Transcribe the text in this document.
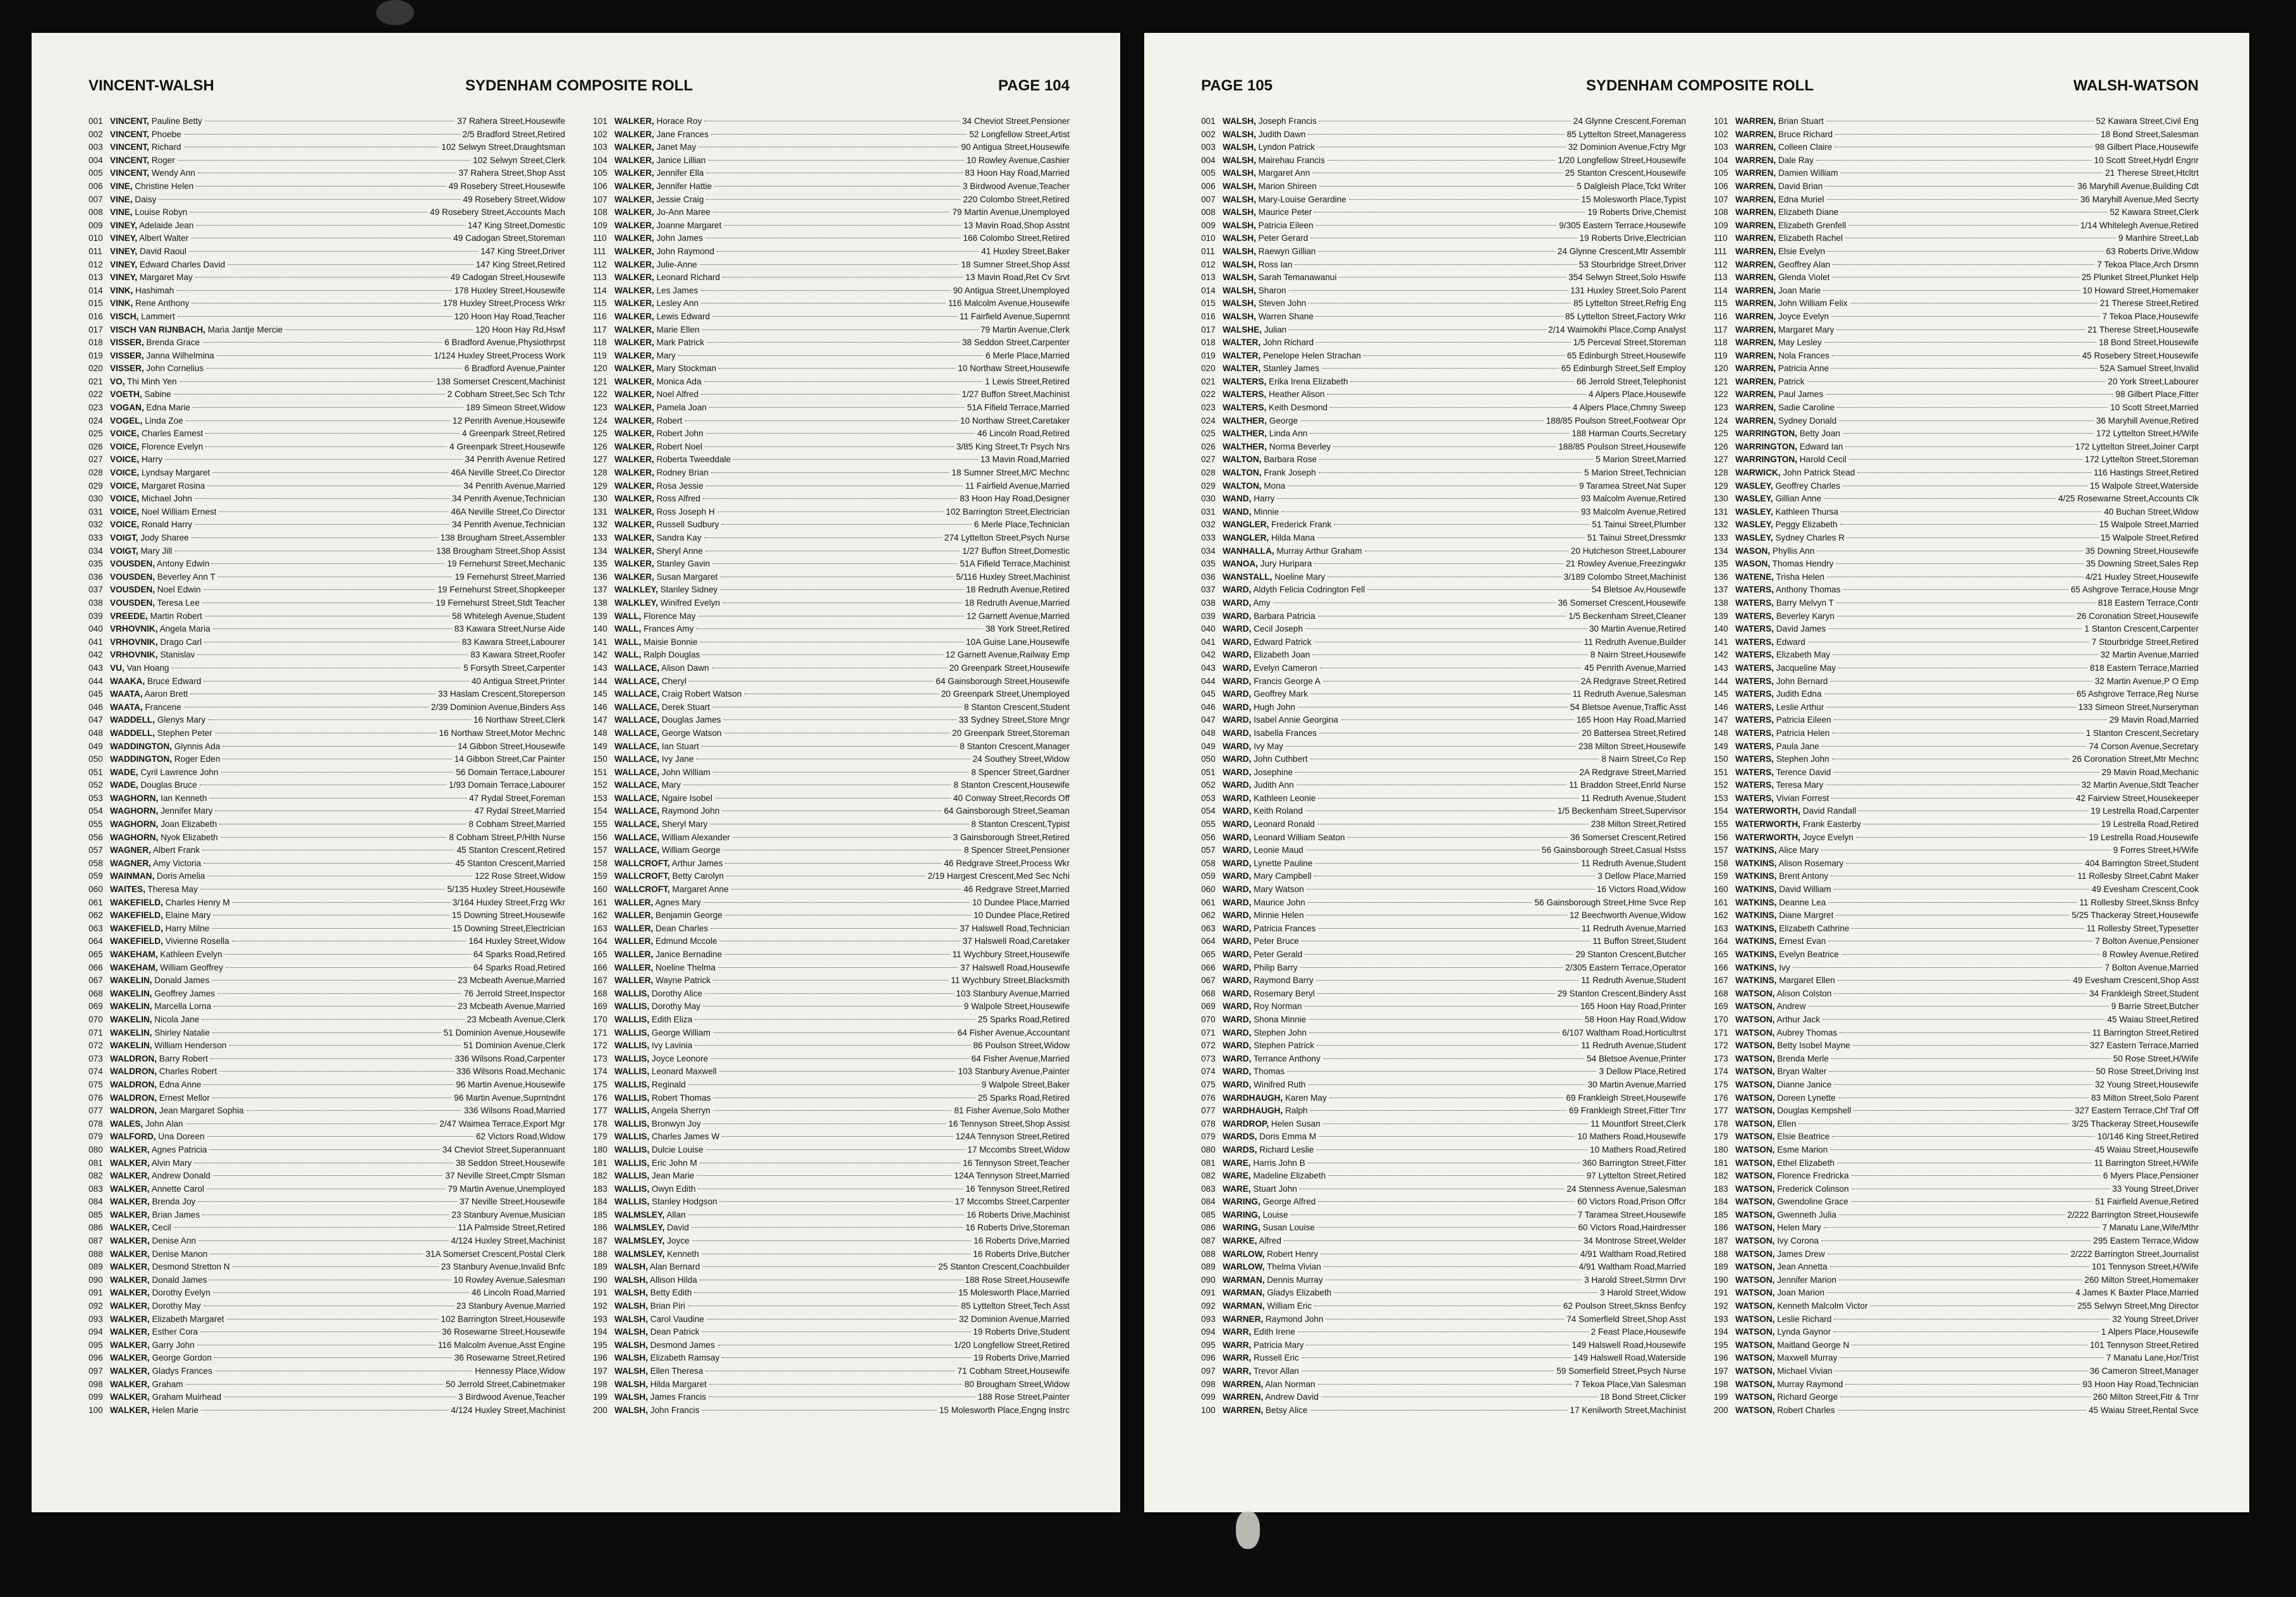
VINCENT-WALSH	SYDENHAM COMPOSITE ROLL	PAGE 104
001 VINCENT, Pauline Betty	37 Rahera Street,Housewife
002 VINCENT, Phoebe	2/5 Bradford Street,Retired
003 VINCENT, Richard	102 Selwyn Street,Draughtsman
004 VINCENT, Roger	102 Selwyn Street,Clerk
005 VINCENT, Wendy Ann	37 Rahera Street,Shop Asst
006 VINE, Christine Helen	49 Rosebery Street,Housewife
007 VINE, Daisy	49 Rosebery Street,Widow
008 VINE, Louise Robyn	49 Rosebery Street,Accounts Mach
009 VINEY, Adelaide Jean	147 King Street,Domestic
010 VINEY, Albert Walter	49 Cadogan Street,Storeman
011 VINEY, David Raoul	147 King Street,Driver
012 VINEY, Edward Charles David	147 King Street,Retired
013 VINEY, Margaret May	49 Cadogan Street,Housewife
014 VINK, Hashimah	178 Huxley Street,Housewife
015 VINK, Rene Anthony	178 Huxley Street,Process Wrkr
016 VISCH, Lammert	120 Hoon Hay Road,Teacher
017 VISCH VAN RIJNBACH, Maria Jantje Mercie	120 Hoon Hay Rd,Hswf
018 VISSER, Brenda Grace	6 Bradford Avenue,Physiothrpst
019 VISSER, Janna Wilhelmina	1/124 Huxley Street,Process Work
020 VISSER, John Cornelius	6 Bradford Avenue,Painter
021 VO, Thi Minh Yen	138 Somerset Crescent,Machinist
022 VOETH, Sabine	2 Cobham Street,Sec Sch Tchr
023 VOGAN, Edna Marie	189 Simeon Street,Widow
024 VOGEL, Linda Zoe	12 Penrith Avenue,Housewife
025 VOICE, Charles Earnest	4 Greenpark Street,Retired
026 VOICE, Florence Evelyn	4 Greenpark Street,Housewife
027 VOICE, Harry	34 Penrith Avenue Retired
028 VOICE, Lyndsay Margaret	46A Neville Street,Co Director
029 VOICE, Margaret Rosina	34 Penrith Avenue,Married
030 VOICE, Michael John	34 Penrith Avenue,Technician
031 VOICE, Noel William Ernest	46A Neville Street,Co Director
032 VOICE, Ronald Harry	34 Penrith Avenue,Technician
033 VOIGT, Jody Sharee	138 Brougham Street,Assembler
034 VOIGT, Mary Jill	138 Brougham Street,Shop Assist
035 VOUSDEN, Antony Edwin	19 Fernehurst Street,Mechanic
036 VOUSDEN, Beverley Ann T	19 Fernehurst Street,Married
037 VOUSDEN, Noel Edwin	19 Fernehurst Street,Shopkeeper
038 VOUSDEN, Teresa Lee	19 Fernehurst Street,Stdt Teacher
039 VREEDE, Martin Robert	58 Whitelegh Avenue,Student
040 VRHOVNIK, Angela Maria	83 Kawara Street,Nurse Aide
041 VRHOVNIK, Drago Carl	83 Kawara Street,Labourer
042 VRHOVNIK, Stanislav	83 Kawara Street,Roofer
043 VU, Van Hoang	5 Forsyth Street,Carpenter
044 WAAKA, Bruce Edward	40 Antigua Street,Printer
045 WAATA, Aaron Brett	33 Haslam Crescent,Storeperson
046 WAATA, Francene	2/39 Dominion Avenue,Binders Ass
047 WADDELL, Glenys Mary	16 Northaw Street,Clerk
048 WADDELL, Stephen Peter	16 Northaw Street,Motor Mechnc
049 WADDINGTON, Glynnis Ada	14 Gibbon Street,Housewife
050 WADDINGTON, Roger Eden	14 Gibbon Street,Car Painter
051 WADE, Cyril Lawrence John	56 Domain Terrace,Labourer
052 WADE, Douglas Bruce	1/93 Domain Terrace,Labourer
053 WAGHORN, Ian Kenneth	47 Rydal Street,Foreman
054 WAGHORN, Jennifer Mary	47 Rydal Street,Married
055 WAGHORN, Joan Elizabeth	8 Cobham Street,Married
056 WAGHORN, Nyok Elizabeth	8 Cobham Street,P/Hlth Nurse
057 WAGNER, Albert Frank	45 Stanton Crescent,Retired
058 WAGNER, Amy Victoria	45 Stanton Crescent,Married
059 WAINMAN, Doris Amelia	122 Rose Street,Widow
060 WAITES, Theresa May	5/135 Huxley Street,Housewife
061 WAKEFIELD, Charles Henry M	3/164 Huxley Street,Frzg Wkr
062 WAKEFIELD, Elaine Mary	15 Downing Street,Housewife
063 WAKEFIELD, Harry Milne	15 Downing Street,Electrician
064 WAKEFIELD, Vivienne Rosella	164 Huxley Street,Widow
065 WAKEHAM, Kathleen Evelyn	64 Sparks Road,Retired
066 WAKEHAM, William Geoffrey	64 Sparks Road,Retired
067 WAKELIN, Donald James	23 Mcbeath Avenue,Married
068 WAKELIN, Geoffrey James	76 Jerrold Street,Inspector
069 WAKELIN, Marcella Lorna	23 Mcbeath Avenue,Married
070 WAKELIN, Nicola Jane	23 Mcbeath Avenue,Clerk
071 WAKELIN, Shirley Natalie	51 Dominion Avenue,Housewife
072 WAKELIN, William Henderson	51 Dominion Avenue,Clerk
073 WALDRON, Barry Robert	336 Wilsons Road,Carpenter
074 WALDRON, Charles Robert	336 Wilsons Road,Mechanic
075 WALDRON, Edna Anne	96 Martin Avenue,Housewife
076 WALDRON, Ernest Mellor	96 Martin Avenue,Suprntndnt
077 WALDRON, Jean Margaret Sophia	336 Wilsons Road,Married
078 WALES, John Alan	2/47 Waimea Terrace,Export Mgr
079 WALFORD, Una Doreen	62 Victors Road,Widow
080 WALKER, Agnes Patricia	34 Cheviot Street,Superannuant
081 WALKER, Alvin Mary	38 Seddon Street,Housewife
082 WALKER, Andrew Donald	37 Neville Street,Cmptr Slsman
083 WALKER, Annette Carol	79 Martin Avenue,Unemployed
084 WALKER, Brenda Joy	37 Neville Street,Housewife
085 WALKER, Brian James	23 Stanbury Avenue,Musician
086 WALKER, Cecil	11A Palmside Street,Retired
087 WALKER, Denise Ann	4/124 Huxley Street,Machinist
088 WALKER, Denise Manon	31A Somerset Crescent,Postal Clerk
089 WALKER, Desmond Stretton N	23 Stanbury Avenue,Invalid Bnfc
090 WALKER, Donald James	10 Rowley Avenue,Salesman
091 WALKER, Dorothy Evelyn	46 Lincoln Road,Married
092 WALKER, Dorothy May	23 Stanbury Avenue,Married
093 WALKER, Elizabeth Margaret	102 Barrington Street,Housewife
094 WALKER, Esther Cora	36 Rosewarne Street,Housewife
095 WALKER, Garry John	116 Malcolm Avenue,Asst Engine
096 WALKER, George Gordon	36 Rosewarne Street,Retired
097 WALKER, Gladys Frances	Hennessy Place,Widow
098 WALKER, Graham	50 Jerrold Street,Cabinetmaker
099 WALKER, Graham Muirhead	3 Birdwood Avenue,Teacher
100 WALKER, Helen Marie	4/124 Huxley Street,Machinist
101 WALKER, Horace Roy	34 Cheviot Street,Pensioner
102 WALKER, Jane Frances	52 Longfellow Street,Artist
103 WALKER, Janet May	90 Antigua Street,Housewife
104 WALKER, Janice Lillian	10 Rowley Avenue,Cashier
105 WALKER, Jennifer Ella	83 Hoon Hay Road,Married
106 WALKER, Jennifer Hattie	3 Birdwood Avenue,Teacher
107 WALKER, Jessie Craig	220 Colombo Street,Retired
108 WALKER, Jo-Ann Maree	79 Martin Avenue,Unemployed
109 WALKER, Joanne Margaret	13 Mavin Road,Shop Asstnt
110 WALKER, John James	166 Colombo Street,Retired
111 WALKER, John Raymond	41 Huxley Street,Baker
112 WALKER, Julie-Anne	18 Sumner Street,Shop Asst
113 WALKER, Leonard Richard	13 Mavin Road,Ret Cv Srvt
114 WALKER, Les James	90 Antigua Street,Unemployed
115 WALKER, Lesley Ann	116 Malcolm Avenue,Housewife
116 WALKER, Lewis Edward	11 Fairfield Avenue,Supernnt
117 WALKER, Marie Ellen	79 Martin Avenue,Clerk
118 WALKER, Mark Patrick	38 Seddon Street,Carpenter
119 WALKER, Mary	6 Merle Place,Married
120 WALKER, Mary Stockman	10 Northaw Street,Housewife
121 WALKER, Monica Ada	1 Lewis Street,Retired
122 WALKER, Noel Alfred	1/27 Buffon Street,Machinist
123 WALKER, Pamela Joan	51A Fifield Terrace,Married
124 WALKER, Robert	10 Northaw Street,Caretaker
125 WALKER, Robert John	46 Lincoln Road,Retired
126 WALKER, Robert Noel	3/85 King Street,Tr Psych Nrs
127 WALKER, Roberta Tweeddale	13 Mavin Road,Married
128 WALKER, Rodney Brian	18 Sumner Street,M/C Mechnc
129 WALKER, Rosa Jessie	11 Fairfield Avenue,Married
130 WALKER, Ross Alfred	83 Hoon Hay Road,Designer
131 WALKER, Ross Joseph H	102 Barrington Street,Electrician
132 WALKER, Russell Sudbury	6 Merle Place,Technician
133 WALKER, Sandra Kay	274 Lyttelton Street,Psych Nurse
134 WALKER, Sheryl Anne	1/27 Buffon Street,Domestic
135 WALKER, Stanley Gavin	51A Fifield Terrace,Machinist
136 WALKER, Susan Margaret	5/116 Huxley Street,Machinist
137 WALKLEY, Stanley Sidney	18 Redruth Avenue,Retired
138 WALKLEY, Winifred Evelyn	18 Redruth Avenue,Married
139 WALL, Florence May	12 Garnett Avenue,Married
140 WALL, Frances Amy	38 York Street,Retired
141 WALL, Maisie Bonnie	10A Guise Lane,Housewife
142 WALL, Ralph Douglas	12 Garnett Avenue,Railway Emp
143 WALLACE, Alison Dawn	20 Greenpark Street,Housewife
144 WALLACE, Cheryl	64 Gainsborough Street,Housewife
145 WALLACE, Craig Robert Watson	20 Greenpark Street,Unemployed
146 WALLACE, Derek Stuart	8 Stanton Crescent,Student
147 WALLACE, Douglas James	33 Sydney Street,Store Mngr
148 WALLACE, George Watson	20 Greenpark Street,Storeman
149 WALLACE, Ian Stuart	8 Stanton Crescent,Manager
150 WALLACE, Ivy Jane	24 Southey Street,Widow
151 WALLACE, John William	8 Spencer Street,Gardner
152 WALLACE, Mary	8 Stanton Crescent,Housewife
153 WALLACE, Ngaire Isobel	40 Conway Street,Records Off
154 WALLACE, Raymond John	64 Gainsborough Street,Seaman
155 WALLACE, Sheryl Mary	8 Stanton Crescent,Typist
156 WALLACE, William Alexander	3 Gainsborough Street,Retired
157 WALLACE, William George	8 Spencer Street,Pensioner
158 WALLCROFT, Arthur James	46 Redgrave Street,Process Wkr
159 WALLCROFT, Betty Carolyn	2/19 Hargest Crescent,Med Sec Nchi
160 WALLCROFT, Margaret Anne	46 Redgrave Street,Married
161 WALLER, Agnes Mary	10 Dundee Place,Married
162 WALLER, Benjamin George	10 Dundee Place,Retired
163 WALLER, Dean Charles	37 Halswell Road,Technician
164 WALLER, Edmund Mccole	37 Halswell Road,Caretaker
165 WALLER, Janice Bernadine	11 Wychbury Street,Housewife
166 WALLER, Noeline Thelma	37 Halswell Road,Housewife
167 WALLER, Wayne Patrick	11 Wychbury Street,Blacksmith
168 WALLIS, Dorothy Alice	103 Stanbury Avenue,Married
169 WALLIS, Dorothy May	9 Walpole Street,Housewife
170 WALLIS, Edith Eliza	25 Sparks Road,Retired
171 WALLIS, George William	64 Fisher Avenue,Accountant
172 WALLIS, Ivy Lavinia	86 Poulson Street,Widow
173 WALLIS, Joyce Leonore	64 Fisher Avenue,Married
174 WALLIS, Leonard Maxwell	103 Stanbury Avenue,Painter
175 WALLIS, Reginald	9 Walpole Street,Baker
176 WALLIS, Robert Thomas	25 Sparks Road,Retired
177 WALLIS, Angela Sherryn	81 Fisher Avenue,Solo Mother
178 WALLIS, Bronwyn Joy	16 Tennyson Street,Shop Assist
179 WALLIS, Charles James W	124A Tennyson Street,Retired
180 WALLIS, Dulcie Louise	17 Mccombs Street,Widow
181 WALLIS, Eric John M	16 Tennyson Street,Teacher
182 WALLIS, Jean Marie	124A Tennyson Street,Married
183 WALLIS, Owyn Edith	16 Tennyson Street,Retired
184 WALLIS, Stanley Hodgson	17 Mccombs Street,Carpenter
185 WALMSLEY, Allan	16 Roberts Drive,Machinist
186 WALMSLEY, David	16 Roberts Drive,Storeman
187 WALMSLEY, Joyce	16 Roberts Drive,Married
188 WALMSLEY, Kenneth	16 Roberts Drive,Butcher
189 WALSH, Alan Bernard	25 Stanton Crescent,Coachbuilder
190 WALSH, Allison Hilda	188 Rose Street,Housewife
191 WALSH, Betty Edith	15 Molesworth Place,Married
192 WALSH, Brian Piri	85 Lyttelton Street,Tech Asst
193 WALSH, Carol Vaudine	32 Dominion Avenue,Married
194 WALSH, Dean Patrick	19 Roberts Drive,Student
195 WALSH, Desmond James	1/20 Longfellow Street,Retired
196 WALSH, Elizabeth Ramsay	19 Roberts Drive,Married
197 WALSH, Ellen Theresa	71 Cobham Street,Housewife
198 WALSH, Hilda Margaret	80 Brougham Street,Widow
199 WALSH, James Francis	188 Rose Street,Painter
200 WALSH, John Francis	15 Molesworth Place,Engng Instrc
PAGE 105	SYDENHAM COMPOSITE ROLL	WALSH-WATSON
001 WALSH, Joseph Francis	24 Glynne Crescent,Foreman
002 WALSH, Judith Dawn	85 Lyttelton Street,Manageress
003 WALSH, Lyndon Patrick	32 Dominion Avenue,Fctry Mgr
004 WALSH, Mairehau Francis	1/20 Longfellow Street,Housewife
005 WALSH, Margaret Ann	25 Stanton Crescent,Housewife
006 WALSH, Marion Shireen	5 Dalgleish Place,Tckt Writer
007 WALSH, Mary-Louise Gerardine	15 Molesworth Place,Typist
008 WALSH, Maurice Peter	19 Roberts Drive,Chemist
009 WALSH, Patricia Eileen	9/305 Eastern Terrace,Housewife
010 WALSH, Peter Gerard	19 Roberts Drive,Electrician
011 WALSH, Raewyn Gillian	24 Glynne Crescent,Mtr Assemblr
012 WALSH, Ross Ian	53 Stourbridge Street,Driver
013 WALSH, Sarah Temanawanui	354 Selwyn Street,Solo Hswife
014 WALSH, Sharon	131 Huxley Street,Solo Parent
015 WALSH, Steven John	85 Lyttelton Street,Refrig Eng
016 WALSH, Warren Shane	85 Lyttelton Street,Factory Wrkr
017 WALSHE, Julian	2/14 Waimokihi Place,Comp Analyst
018 WALTER, John Richard	1/5 Perceval Street,Storeman
019 WALTER, Penelope Helen Strachan	65 Edinburgh Street,Housewife
020 WALTER, Stanley James	65 Edinburgh Street,Self Employ
021 WALTERS, Erika Irena Elizabeth	66 Jerrold Street,Telephonist
022 WALTERS, Heather Alison	4 Alpers Place,Housewife
023 WALTERS, Keith Desmond	4 Alpers Place,Chmny Sweep
024 WALTHER, George	188/85 Poulson Street,Footwear Opr
025 WALTHER, Linda Ann	188 Harman Courts,Secretary
026 WALTHER, Norma Beverley	188/85 Poulson Street,Housewife
027 WALTON, Barbara Rose	5 Marion Street,Married
028 WALTON, Frank Joseph	5 Marion Street,Technician
029 WALTON, Mona	9 Taramea Street,Nat Super
030 WAND, Harry	93 Malcolm Avenue,Retired
031 WAND, Minnie	93 Malcolm Avenue,Retired
032 WANGLER, Frederick Frank	51 Tainui Street,Plumber
033 WANGLER, Hilda Mana	51 Tainui Street,Dressmkr
034 WANHALLA, Murray Arthur Graham	20 Hutcheson Street,Labourer
035 WANOA, Jury Huripara	21 Rowley Avenue,Freezingwkr
036 WANSTALL, Noeline Mary	3/189 Colombo Street,Machinist
037 WARD, Aldyth Felicia Codrington Fell	54 Bletsoe Av,Housewife
038 WARD, Amy	36 Somerset Crescent,Housewife
039 WARD, Barbara Patricia	1/5 Beckenham Street,Cleaner
040 WARD, Cecil Joseph	30 Martin Avenue,Retired
041 WARD, Edward Patrick	11 Redruth Avenue,Builder
042 WARD, Elizabeth Joan	8 Nairn Street,Housewife
043 WARD, Evelyn Cameron	45 Penrith Avenue,Married
044 WARD, Francis George A	2A Redgrave Street,Retired
045 WARD, Geoffrey Mark	11 Redruth Avenue,Salesman
046 WARD, Hugh John	54 Bletsoe Avenue,Traffic Asst
047 WARD, Isabel Annie Georgina	165 Hoon Hay Road,Married
048 WARD, Isabella Frances	20 Battersea Street,Retired
049 WARD, Ivy May	238 Milton Street,Housewife
050 WARD, John Cuthbert	8 Nairn Street,Co Rep
051 WARD, Josephine	2A Redgrave Street,Married
052 WARD, Judith Ann	11 Braddon Street,Enrld Nurse
053 WARD, Kathleen Leonie	11 Redruth Avenue,Student
054 WARD, Keith Roland	1/5 Beckenham Street,Supervisor
055 WARD, Leonard Ronald	238 Milton Street,Retired
056 WARD, Leonard William Seaton	36 Somerset Crescent,Retired
057 WARD, Leonie Maud	56 Gainsborough Street,Casual Hstss
058 WARD, Lynette Pauline	11 Redruth Avenue,Student
059 WARD, Mary Campbell	3 Dellow Place,Married
060 WARD, Mary Watson	16 Victors Road,Widow
061 WARD, Maurice John	56 Gainsborough Street,Hme Svce Rep
062 WARD, Minnie Helen	12 Beechworth Avenue,Widow
063 WARD, Patricia Frances	11 Redruth Avenue,Married
064 WARD, Peter Bruce	11 Buffon Street,Student
065 WARD, Peter Gerald	29 Stanton Crescent,Butcher
066 WARD, Philip Barry	2/305 Eastern Terrace,Operator
067 WARD, Raymond Barry	11 Redruth Avenue,Student
068 WARD, Rosemary Beryl	29 Stanton Crescent,Bindery Asst
069 WARD, Roy Norman	165 Hoon Hay Road,Printer
070 WARD, Shona Minnie	58 Hoon Hay Road,Widow
071 WARD, Stephen John	6/107 Waltham Road,Horticultrst
072 WARD, Stephen Patrick	11 Redruth Avenue,Student
073 WARD, Terrance Anthony	54 Bletsoe Avenue,Printer
074 WARD, Thomas	3 Dellow Place,Retired
075 WARD, Winifred Ruth	30 Martin Avenue,Married
076 WARDHAUGH, Karen May	69 Frankleigh Street,Housewife
077 WARDHAUGH, Ralph	69 Frankleigh Street,Fitter Trnr
078 WARDROP, Helen Susan	11 Mountfort Street,Clerk
079 WARDS, Doris Emma M	10 Mathers Road,Housewife
080 WARDS, Richard Leslie	10 Mathers Road,Retired
081 WARE, Harris John B	360 Barrington Street,Fitter
082 WARE, Madeline Elizabeth	97 Lyttelton Street,Retired
083 WARE, Stuart John	24 Stenness Avenue,Salesman
084 WARING, George Alfred	60 Victors Road,Prison Offcr
085 WARING, Louise	7 Taramea Street,Housewife
086 WARING, Susan Louise	60 Victors Road,Hairdresser
087 WARKE, Alfred	34 Montrose Street,Welder
088 WARLOW, Robert Henry	4/91 Waltham Road,Retired
089 WARLOW, Thelma Vivian	4/91 Waltham Road,Married
090 WARMAN, Dennis Murray	3 Harold Street,Strmn Drvr
091 WARMAN, Gladys Elizabeth	3 Harold Street,Widow
092 WARMAN, William Eric	62 Poulson Street,Sknss Benfcy
093 WARNER, Raymond John	74 Somerfield Street,Shop Asst
094 WARR, Edith Irene	2 Feast Place,Housewife
095 WARR, Patricia Mary	149 Halswell Road,Housewife
096 WARR, Russell Eric	149 Halswell Road,Waterside
097 WARR, Trevor Allan	59 Somerfield Street,Psych Nurse
098 WARREN, Alan Norman	7 Tekoa Place,Van Salesman
099 WARREN, Andrew David	18 Bond Street,Clicker
100 WARREN, Betsy Alice	17 Kenilworth Street,Machinist
101 WARREN, Brian Stuart	52 Kawara Street,Civil Eng
102 WARREN, Bruce Richard	18 Bond Street,Salesman
103 WARREN, Colleen Claire	98 Gilbert Place,Housewife
104 WARREN, Dale Ray	10 Scott Street,Hydrl Engnr
105 WARREN, Damien William	21 Therese Street,Htcltrt
106 WARREN, David Brian	36 Maryhill Avenue,Building Cdt
107 WARREN, Edna Muriel	36 Maryhill Avenue,Med Secrty
108 WARREN, Elizabeth Diane	52 Kawara Street,Clerk
109 WARREN, Elizabeth Grenfell	1/14 Whitelegh Avenue,Retired
110 WARREN, Elizabeth Rachel	9 Manhire Street,Lab
111 WARREN, Elsie Evelyn	63 Roberts Drive,Widow
112 WARREN, Geoffrey Alan	7 Tekoa Place,Arch Drsmn
113 WARREN, Glenda Violet	25 Plunket Street,Plunket Help
114 WARREN, Joan Marie	10 Howard Street,Homemaker
115 WARREN, John William Felix	21 Therese Street,Retired
116 WARREN, Joyce Evelyn	7 Tekoa Place,Housewife
117 WARREN, Margaret Mary	21 Therese Street,Housewife
118 WARREN, May Lesley	18 Bond Street,Housewife
119 WARREN, Nola Frances	45 Rosebery Street,Housewife
120 WARREN, Patricia Anne	52A Samuel Street,Invalid
121 WARREN, Patrick	20 York Street,Labourer
122 WARREN, Paul James	98 Gilbert Place,Fitter
123 WARREN, Sadie Caroline	10 Scott Street,Married
124 WARREN, Sydney Donald	36 Maryhill Avenue,Retired
125 WARRINGTON, Betty Joan	172 Lyttelton Street,H/Wife
126 WARRINGTON, Edward Ian	172 Lyttelton Street,Joiner Carpt
127 WARRINGTON, Harold Cecil	172 Lyttelton Street,Storeman
128 WARWICK, John Patrick Stead	116 Hastings Street,Retired
129 WASLEY, Geoffrey Charles	15 Walpole Street,Waterside
130 WASLEY, Gillian Anne	4/25 Rosewarne Street,Accounts Clk
131 WASLEY, Kathleen Thursa	40 Buchan Street,Widow
132 WASLEY, Peggy Elizabeth	15 Walpole Street,Married
133 WASLEY, Sydney Charles R	15 Walpole Street,Retired
134 WASON, Phyllis Ann	35 Downing Street,Housewife
135 WASON, Thomas Hendry	35 Downing Street,Sales Rep
136 WATENE, Trisha Helen	4/21 Huxley Street,Housewife
137 WATERS, Anthony Thomas	65 Ashgrove Terrace,House Mngr
138 WATERS, Barry Melvyn T	818 Eastern Terrace,Contr
139 WATERS, Beverley Karyn	26 Coronation Street,Housewife
140 WATERS, David James	1 Stanton Crescent,Carpenter
141 WATERS, Edward	7 Stourbridge Street,Retired
142 WATERS, Elizabeth May	32 Martin Avenue,Married
143 WATERS, Jacqueline May	818 Eastern Terrace,Married
144 WATERS, John Bernard	32 Martin Avenue,P O Emp
145 WATERS, Judith Edna	65 Ashgrove Terrace,Reg Nurse
146 WATERS, Leslie Arthur	133 Simeon Street,Nurseryman
147 WATERS, Patricia Eileen	29 Mavin Road,Married
148 WATERS, Patricia Helen	1 Stanton Crescent,Secretary
149 WATERS, Paula Jane	74 Corson Avenue,Secretary
150 WATERS, Stephen John	26 Coronation Street,Mtr Mechnc
151 WATERS, Terence David	29 Mavin Road,Mechanic
152 WATERS, Teresa Mary	32 Martin Avenue,Stdt Teacher
153 WATERS, Vivian Forrest	42 Fairview Street,Housekeeper
154 WATERWORTH, David Randall	19 Lestrella Road,Carpenter
155 WATERWORTH, Frank Easterby	19 Lestrella Road,Retired
156 WATERWORTH, Joyce Evelyn	19 Lestrella Road,Housewife
157 WATKINS, Alice Mary	9 Forres Street,H/Wife
158 WATKINS, Alison Rosemary	404 Barrington Street,Student
159 WATKINS, Brent Antony	11 Rollesby Street,Cabnt Maker
160 WATKINS, David William	49 Evesham Crescent,Cook
161 WATKINS, Deanne Lea	11 Rollesby Street,Sknss Bnfcy
162 WATKINS, Diane Margret	5/25 Thackeray Street,Housewife
163 WATKINS, Elizabeth Cathrine	11 Rollesby Street,Typesetter
164 WATKINS, Ernest Evan	7 Bolton Avenue,Pensioner
165 WATKINS, Evelyn Beatrice	8 Rowley Avenue,Retired
166 WATKINS, Ivy	7 Bolton Avenue,Married
167 WATKINS, Margaret Ellen	49 Evesham Crescent,Shop Asst
168 WATSON, Alison Colston	34 Frankleigh Street,Student
169 WATSON, Andrew	9 Barrie Street,Butcher
170 WATSON, Arthur Jack	45 Waiau Street,Retired
171 WATSON, Aubrey Thomas	11 Barrington Street,Retired
172 WATSON, Betty Isobel Mayne	327 Eastern Terrace,Married
173 WATSON, Brenda Merle	50 Rose Street,H/Wife
174 WATSON, Bryan Walter	50 Rose Street,Driving Inst
175 WATSON, Dianne Janice	32 Young Street,Housewife
176 WATSON, Doreen Lynette	83 Milton Street,Solo Parent
177 WATSON, Douglas Kempshell	327 Eastern Terrace,Chf Traf Off
178 WATSON, Ellen	3/25 Thackeray Street,Housewife
179 WATSON, Elsie Beatrice	10/146 King Street,Retired
180 WATSON, Esme Marion	45 Waiau Street,Housewife
181 WATSON, Ethel Elizabeth	11 Barrington Street,H/Wife
182 WATSON, Florence Fredricka	6 Myers Place,Pensioner
183 WATSON, Frederick Colinson	33 Young Street,Driver
184 WATSON, Gwendoline Grace	51 Fairfield Avenue,Retired
185 WATSON, Gwenneth Julia	2/222 Barrington Street,Housewife
186 WATSON, Helen Mary	7 Manatu Lane,Wife/Mthr
187 WATSON, Ivy Corona	295 Eastern Terrace,Widow
188 WATSON, James Drew	2/222 Barrington Street,Journalist
189 WATSON, Jean Annetta	101 Tennyson Street,H/Wife
190 WATSON, Jennifer Marion	260 Milton Street,Homemaker
191 WATSON, Joan Marion	4 James K Baxter Place,Married
192 WATSON, Kenneth Malcolm Victor	255 Selwyn Street,Mng Director
193 WATSON, Leslie Richard	32 Young Street,Driver
194 WATSON, Lynda Gaynor	1 Alpers Place,Housewife
195 WATSON, Maitland George N	101 Tennyson Street,Retired
196 WATSON, Maxwell Murray	7 Manatu Lane,Hor/Trist
197 WATSON, Michael Vivian	36 Cameron Street,Manager
198 WATSON, Murray Raymond	93 Hoon Hay Road,Technician
199 WATSON, Richard George	260 Milton Street,Fitr & Trnr
200 WATSON, Robert Charles	45 Waiau Street,Rental Svce
